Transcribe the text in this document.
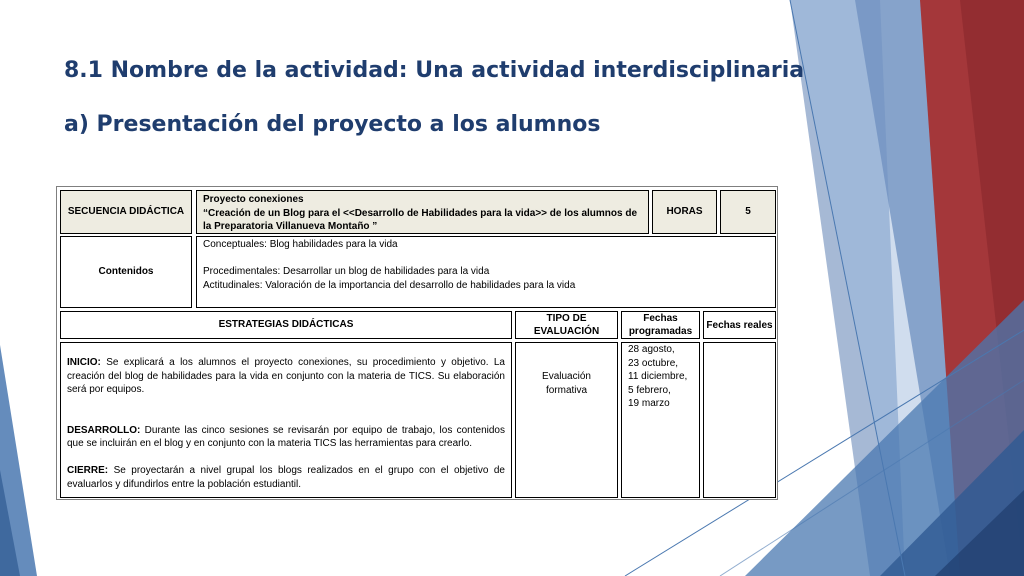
8.1 Nombre de la actividad: Una actividad interdisciplinaria
a) Presentación del proyecto a los alumnos
SECUENCIA DIDÁCTICA
Proyecto conexiones
“Creación de un Blog para el <<Desarrollo de Habilidades para la vida>> de los alumnos de la Preparatoria Villanueva Montaño ”
HORAS	5
Contenidos
Conceptuales: Blog habilidades para la vida
Procedimentales: Desarrollar un blog de habilidades para la vida
Actitudinales: Valoración de la importancia del desarrollo de habilidades para la vida
ESTRATEGIAS DIDÁCTICAS
TIPO DE EVALUACIÓN
Fechas programadas
Fechas reales

INICIO: Se explicará a los alumnos el proyecto conexiones, su procedimiento y objetivo. La creación del blog de habilidades para la vida en conjunto con la materia de TICS. Su elaboración será por equipos.

DESARROLLO: Durante las cinco sesiones se revisarán por equipo de trabajo, los contenidos que se incluirán en el blog y en conjunto con la materia TICS las herramientas para crearlo.

CIERRE: Se proyectarán a nivel grupal los blogs realizados en el grupo con el objetivo de evaluarlos y difundirlos entre la población estudiantil.

Evaluación formativa
28 agosto,
23 octubre,
11 diciembre,
5 febrero,
19 marzo
